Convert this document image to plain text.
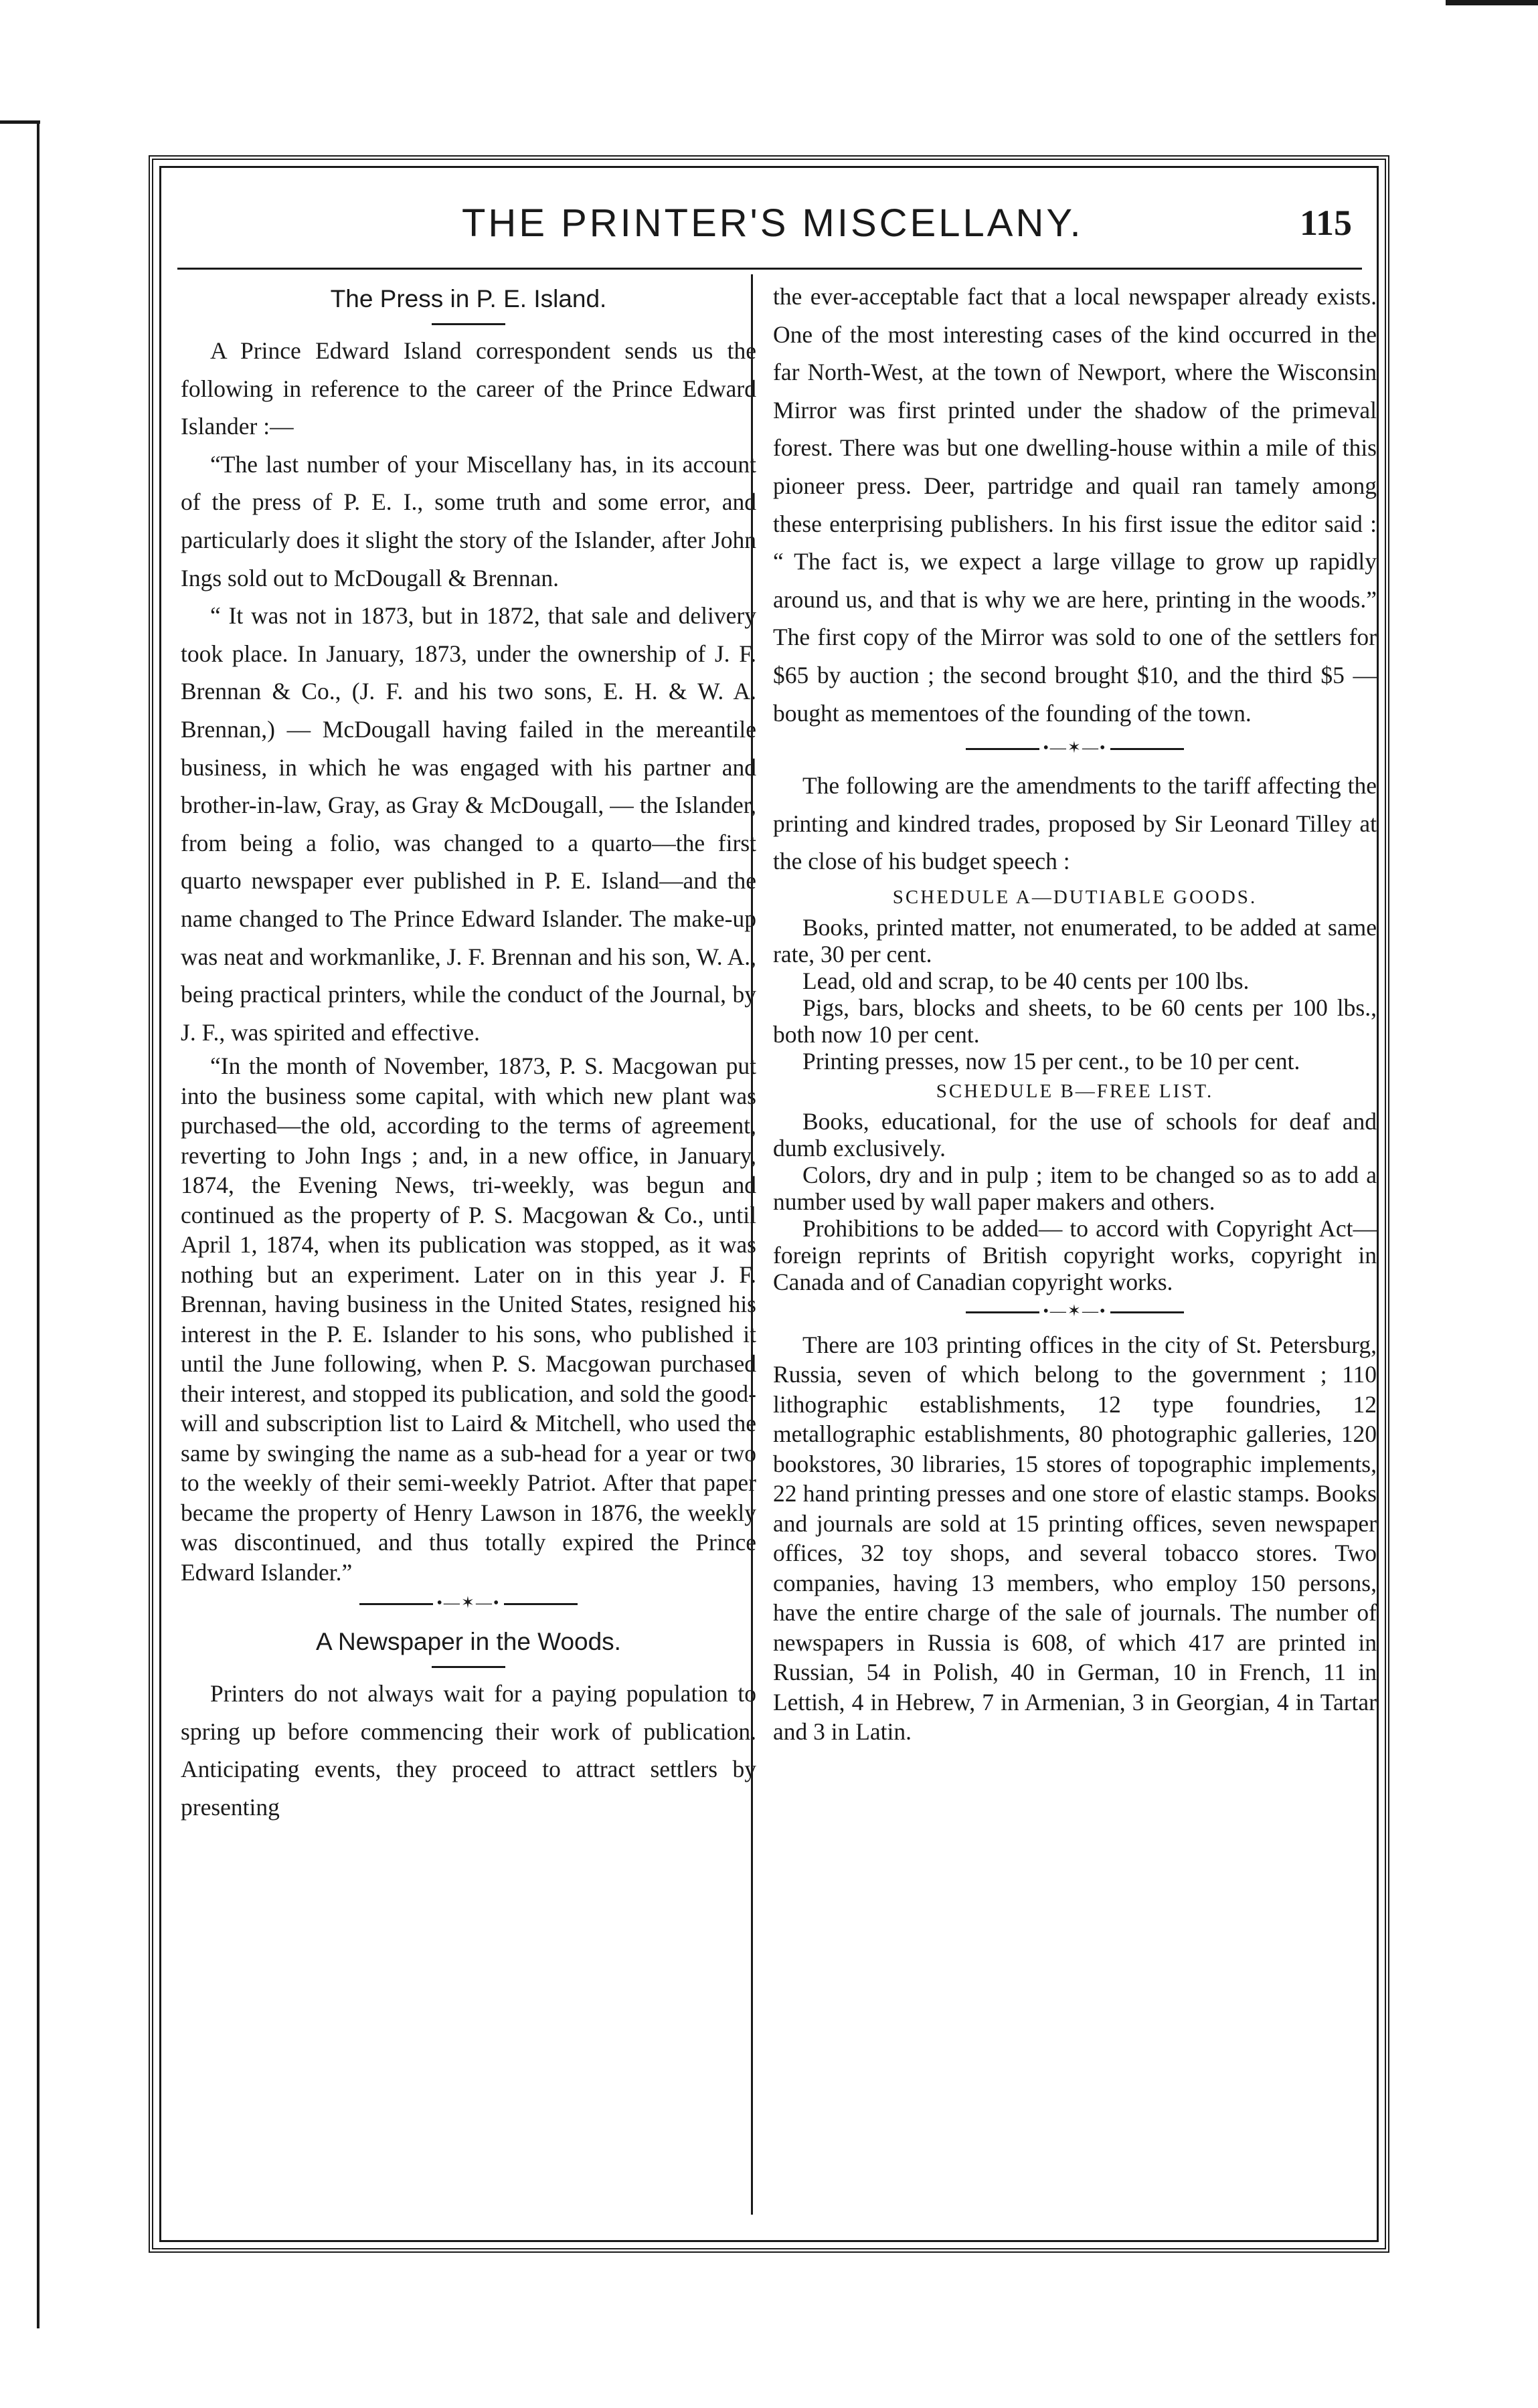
THE PRINTER'S MISCELLANY.	115
The Press in P. E. Island.

A Prince Edward Island correspondent sends us the following in reference to the career of the Prince Edward Islander :—

“The last number of your Miscellany has, in its account of the press of P. E. I., some truth and some error, and particularly does it slight the story of the Islander, after John Ings sold out to McDougall & Brennan.

“ It was not in 1873, but in 1872, that sale and delivery took place. In January, 1873, under the ownership of J. F. Brennan & Co., (J. F. and his two sons, E. H. & W. A. Brennan,) — McDougall having failed in the mereantile business, in which he was engaged with his partner and brother-in-law, Gray, as Gray & McDougall, — the Islander, from being a folio, was changed to a quarto—the first quarto newspaper ever published in P. E. Island—and the name changed to The Prince Edward Islander. The make-up was neat and workmanlike, J. F. Brennan and his son, W. A., being practical printers, while the conduct of the Journal, by J. F., was spirited and effective.

“In the month of November, 1873, P. S. Macgowan put into the business some capital, with which new plant was purchased—the old, according to the terms of agreement, reverting to John Ings ; and, in a new office, in January, 1874, the Evening News, tri-weekly, was begun and continued as the property of P. S. Macgowan & Co., until April 1, 1874, when its publication was stopped, as it was nothing but an experiment. Later on in this year J. F. Brennan, having business in the United States, resigned his interest in the P. E. Islander to his sons, who published it until the June following, when P. S. Macgowan purchased their interest, and stopped its publication, and sold the good-will and subscription list to Laird & Mitchell, who used the same by swinging the name as a sub-head for a year or two to the weekly of their semi-weekly Patriot. After that paper became the property of Henry Lawson in 1876, the weekly was discontinued, and thus totally expired the Prince Edward Islander.”

•—✶—•
A Newspaper in the Woods.

Printers do not always wait for a paying population to spring up before commencing their work of publication. Anticipating events, they proceed to attract settlers by presenting

the ever-acceptable fact that a local newspaper already exists. One of the most interesting cases of the kind occurred in the far North-West, at the town of Newport, where the Wisconsin Mirror was first printed under the shadow of the primeval forest. There was but one dwelling-house within a mile of this pioneer press. Deer, partridge and quail ran tamely among these enterprising publishers. In his first issue the editor said : “ The fact is, we expect a large village to grow up rapidly around us, and that is why we are here, printing in the woods.” The first copy of the Mirror was sold to one of the settlers for $65 by auction ; the second brought $10, and the third $5 — bought as mementoes of the founding of the town.

•—✶—•

The following are the amendments to the tariff affecting the printing and kindred trades, proposed by Sir Leonard Tilley at the close of his budget speech :

SCHEDULE A—DUTIABLE GOODS.

Books, printed matter, not enumerated, to be added at same rate, 30 per cent.

Lead, old and scrap, to be 40 cents per 100 lbs.

Pigs, bars, blocks and sheets, to be 60 cents per 100 lbs., both now 10 per cent.

Printing presses, now 15 per cent., to be 10 per cent.

SCHEDULE B—FREE LIST.

Books, educational, for the use of schools for deaf and dumb exclusively.

Colors, dry and in pulp ; item to be changed so as to add a number used by wall paper makers and others.

Prohibitions to be added— to accord with Copyright Act—foreign reprints of British copyright works, copyright in Canada and of Canadian copyright works.

•—✶—•

There are 103 printing offices in the city of St. Petersburg, Russia, seven of which belong to the government ; 110 lithographic establishments, 12 type foundries, 12 metallographic establishments, 80 photographic galleries, 120 bookstores, 30 libraries, 15 stores of topographic implements, 22 hand printing presses and one store of elastic stamps. Books and journals are sold at 15 printing offices, seven newspaper offices, 32 toy shops, and several tobacco stores. Two companies, having 13 members, who employ 150 persons, have the entire charge of the sale of journals. The number of newspapers in Russia is 608, of which 417 are printed in Russian, 54 in Polish, 40 in German, 10 in French, 11 in Lettish, 4 in Hebrew, 7 in Armenian, 3 in Georgian, 4 in Tartar and 3 in Latin.
